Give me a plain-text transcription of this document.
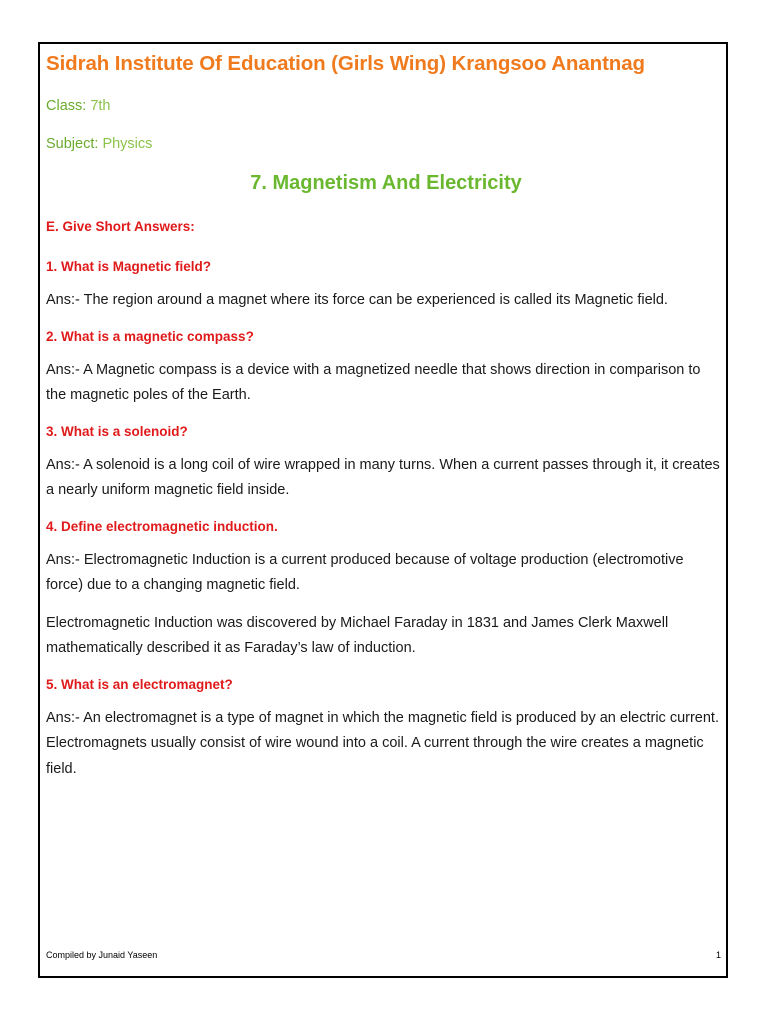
Sidrah Institute Of Education (Girls Wing) Krangsoo Anantnag

Class: 7th

Subject: Physics

7. Magnetism And Electricity

E. Give Short Answers:

1. What is Magnetic field?

Ans:- The region around a magnet where its force can be experienced is called its Magnetic field.

2. What is a magnetic compass?

Ans:- A Magnetic compass is a device with a magnetized needle that shows direction in comparison to the magnetic poles of the Earth.

3. What is a solenoid?

Ans:- A solenoid is a long coil of wire wrapped in many turns. When a current passes through it, it creates a nearly uniform magnetic field inside.

4. Define electromagnetic induction.

Ans:- Electromagnetic Induction is a current produced because of voltage production (electromotive force) due to a changing magnetic field.

Electromagnetic Induction was discovered by Michael Faraday in 1831 and James Clerk Maxwell mathematically described it as Faraday’s law of induction.

5. What is an electromagnet?

Ans:- An electromagnet is a type of magnet in which the magnetic field is produced by an electric current. Electromagnets usually consist of wire wound into a coil. A current through the wire creates a magnetic field.

Compiled by Junaid Yaseen	1
